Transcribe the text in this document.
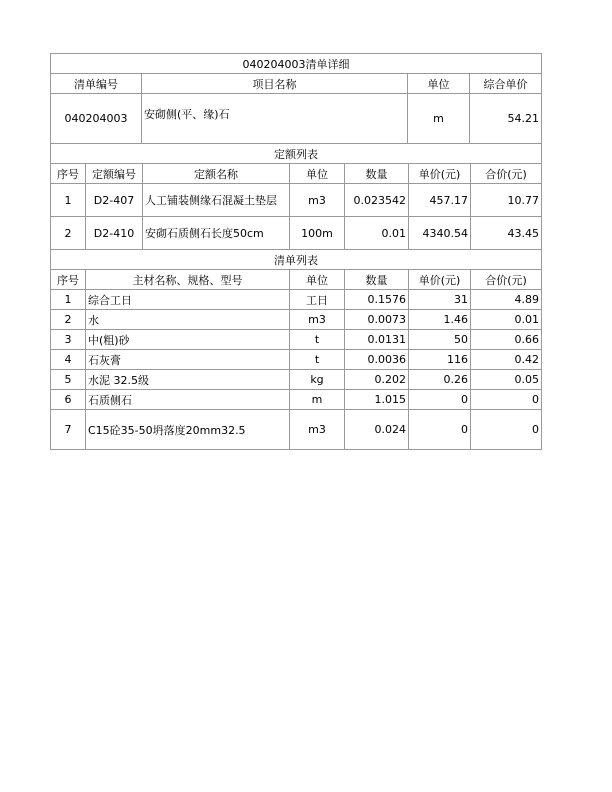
040204003清单详细			
清单编号	项目名称	单位	综合单价
040204003	安砌侧(平、缘)石	m	54.21
定额列表						
序号	定额编号	定额名称	单位	数量	单价(元)	合价(元)
1	D2-407	人工铺装侧缘石混凝土垫层	m3	0.023542	457.17	10.77
2	D2-410	安砌石质侧石长度50cm	100m	0.01	4340.54	43.45
清单列表						
序号	主材名称、规格、型号		单位	数量	单价(元)	合价(元)
1	综合工日		工日	0.1576	31	4.89
2	水		m3	0.0073	1.46	0.01
3	中(粗)砂		t	0.0131	50	0.66
4	石灰膏		t	0.0036	116	0.42
5	水泥 32.5级		kg	0.202	0.26	0.05
6	石质侧石		m	1.015	0	0
7	C15砼35-50坍落度20mm32.5		m3	0.024	0	0
